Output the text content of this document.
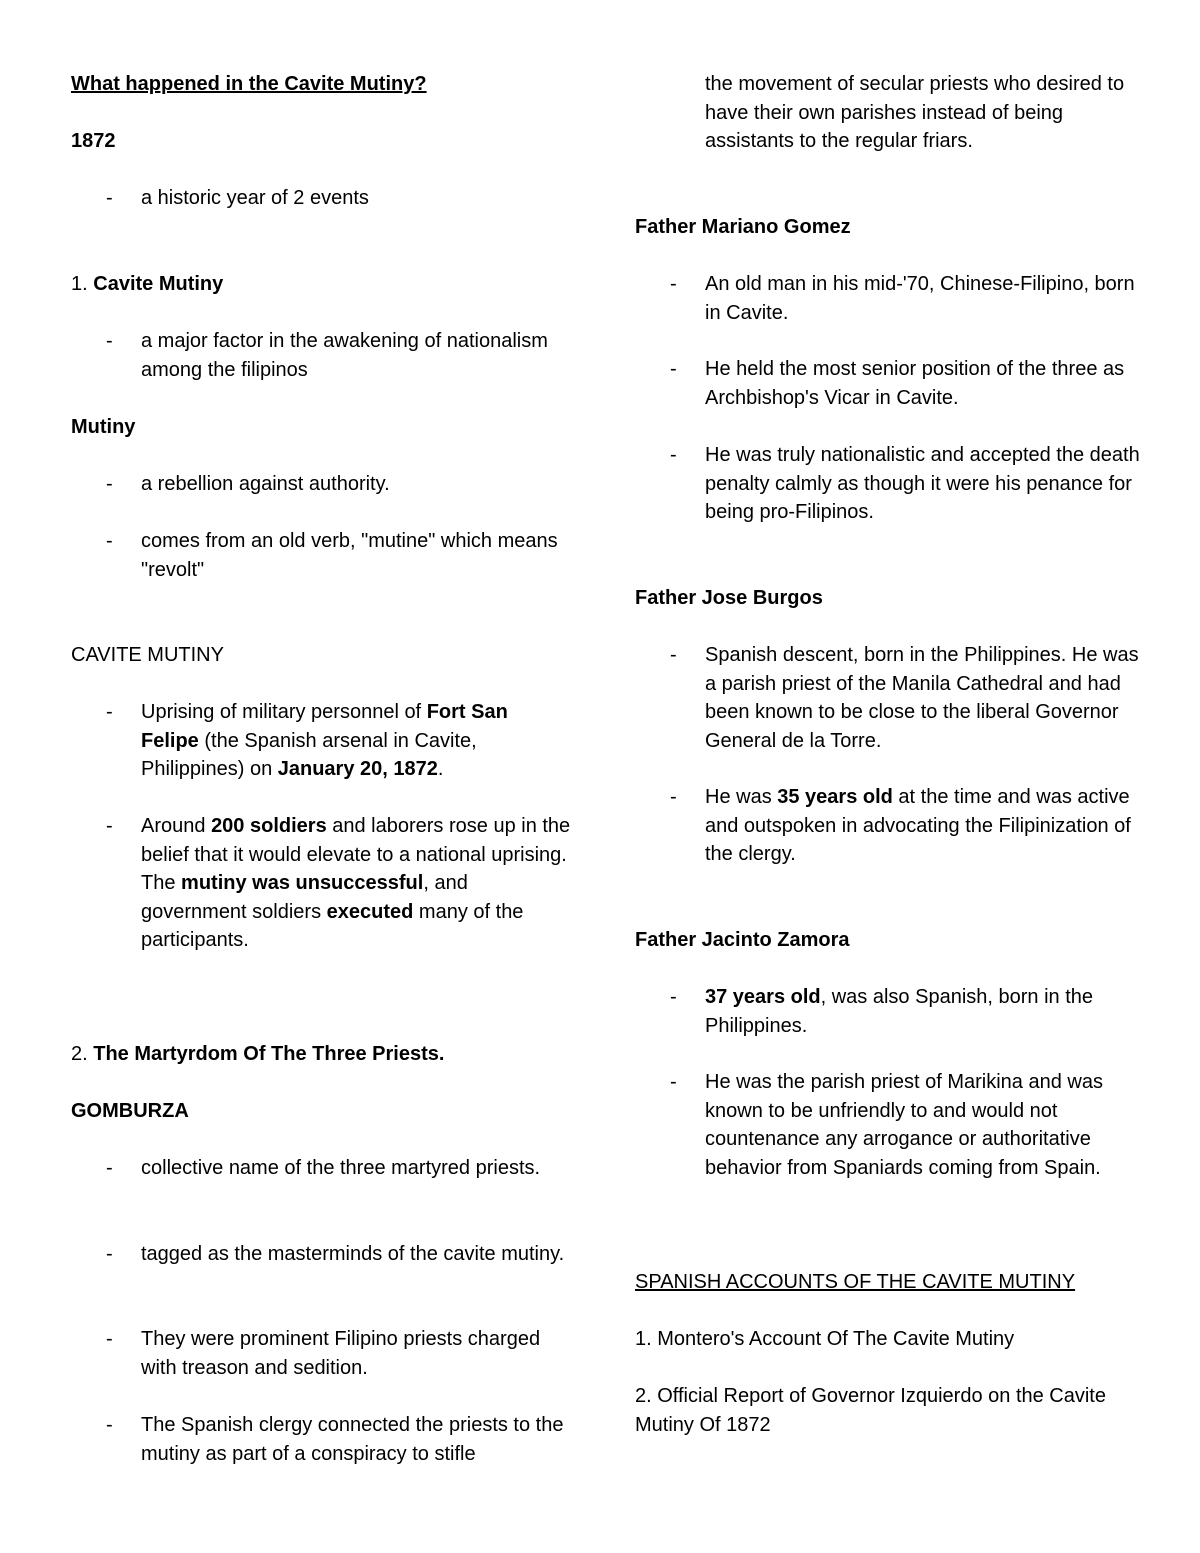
What happened in the Cavite Mutiny?

1872

- a historic year of 2 events

1. Cavite Mutiny

- a major factor in the awakening of nationalism among the filipinos

Mutiny

- a rebellion against authority.

- comes from an old verb, "mutine" which means "revolt"

CAVITE MUTINY

- Uprising of military personnel of Fort San Felipe (the Spanish arsenal in Cavite, Philippines) on January 20, 1872.

- Around 200 soldiers and laborers rose up in the belief that it would elevate to a national uprising. The mutiny was unsuccessful, and government soldiers executed many of the participants.

2. The Martyrdom Of The Three Priests.

GOMBURZA

- collective name of the three martyred priests.

- tagged as the masterminds of the cavite mutiny.

- They were prominent Filipino priests charged with treason and sedition.

- The Spanish clergy connected the priests to the mutiny as part of a conspiracy to stifle

the movement of secular priests who desired to have their own parishes instead of being assistants to the regular friars.

Father Mariano Gomez

- An old man in his mid-'70, Chinese-Filipino, born in Cavite.

- He held the most senior position of the three as Archbishop's Vicar in Cavite.

- He was truly nationalistic and accepted the death penalty calmly as though it were his penance for being pro-Filipinos.

Father Jose Burgos

- Spanish descent, born in the Philippines. He was a parish priest of the Manila Cathedral and had been known to be close to the liberal Governor General de la Torre.

- He was 35 years old at the time and was active and outspoken in advocating the Filipinization of the clergy.

Father Jacinto Zamora

- 37 years old, was also Spanish, born in the Philippines.

- He was the parish priest of Marikina and was known to be unfriendly to and would not countenance any arrogance or authoritative behavior from Spaniards coming from Spain.

SPANISH ACCOUNTS OF THE CAVITE MUTINY

1. Montero's Account Of The Cavite Mutiny

2. Official Report of Governor Izquierdo on the Cavite Mutiny Of 1872
